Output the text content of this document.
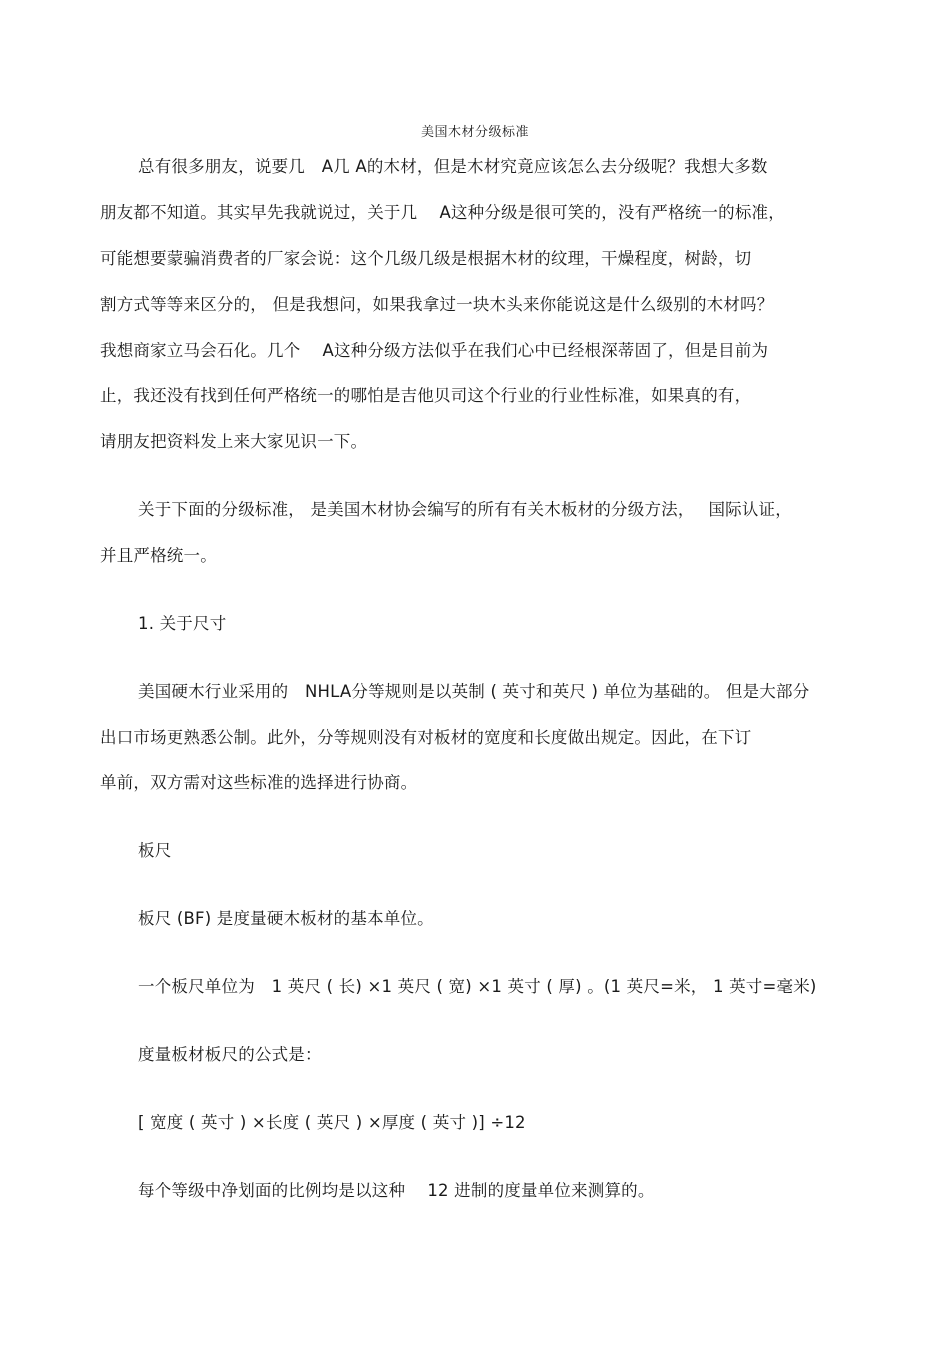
美国木材分级标准
总有很多朋友，说要几　A几 A的木材，但是木材究竟应该怎么去分级呢？我想大多数
朋友都不知道。其实早先我就说过，关于几　 A这种分级是很可笑的，没有严格统一的标准，
可能想要蒙骗消费者的厂家会说：这个几级几级是根据木材的纹理，干燥程度，树龄，切
割方式等等来区分的， 但是我想问，如果我拿过一块木头来你能说这是什么级别的木材吗？
我想商家立马会石化。几个　 A这种分级方法似乎在我们心中已经根深蒂固了，但是目前为
止，我还没有找到任何严格统一的哪怕是吉他贝司这个行业的行业性标准，如果真的有，
请朋友把资料发上来大家见识一下。
关于下面的分级标准， 是美国木材协会编写的所有有关木板材的分级方法，　 国际认证，
并且严格统一。
1. 关于尺寸
美国硬木行业采用的　NHLA分等规则是以英制 ( 英寸和英尺 ) 单位为基础的。 但是大部分
出口市场更熟悉公制。此外，分等规则没有对板材的宽度和长度做出规定。因此，在下订
单前，双方需对这些标准的选择进行协商。
板尺
板尺 (BF) 是度量硬木板材的基本单位。
一个板尺单位为　1 英尺 ( 长) ×1 英尺 ( 宽) ×1 英寸 ( 厚) 。(1 英尺=米， 1 英寸=毫米)
度量板材板尺的公式是：
[ 宽度 ( 英寸 ) ×长度 ( 英尺 ) ×厚度 ( 英寸 )] ÷12
每个等级中净划面的比例均是以这种　 12 进制的度量单位来测算的。
